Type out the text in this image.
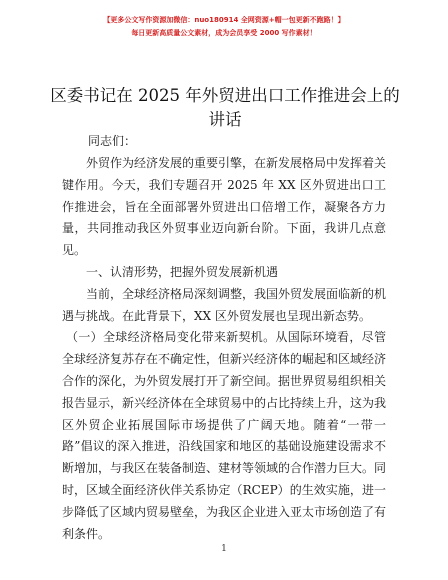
【更多公文写作资源加微信：nuo180914 全网资源+帽一包更新不跑路！】
每日更新高质量公文素材，成为会员享受 2000 写作素材！
区委书记在 2025 年外贸进出口工作推进会上的
讲话
同志们：

外贸作为经济发展的重要引擎，在新发展格局中发挥着关键作用。今天，我们专题召开 2025 年 XX 区外贸进出口工作推进会，旨在全面部署外贸进出口倍增工作，凝聚各方力量，共同推动我区外贸事业迈向新台阶。下面，我讲几点意见。

一、认清形势，把握外贸发展新机遇

当前，全球经济格局深刻调整，我国外贸发展面临新的机遇与挑战。在此背景下，XX 区外贸发展也呈现出新态势。

（一）全球经济格局变化带来新契机。从国际环境看，尽管全球经济复苏存在不确定性，但新兴经济体的崛起和区域经济合作的深化，为外贸发展打开了新空间。据世界贸易组织相关报告显示，新兴经济体在全球贸易中的占比持续上升，这为我区外贸企业拓展国际市场提供了广阔天地。随着“一带一路”倡议的深入推进，沿线国家和地区的基础设施建设需求不断增加，与我区在装备制造、建材等领域的合作潜力巨大。同时，区域全面经济伙伴关系协定（RCEP）的生效实施，进一步降低了区域内贸易壁垒，为我区企业进入亚太市场创造了有利条件。

1
